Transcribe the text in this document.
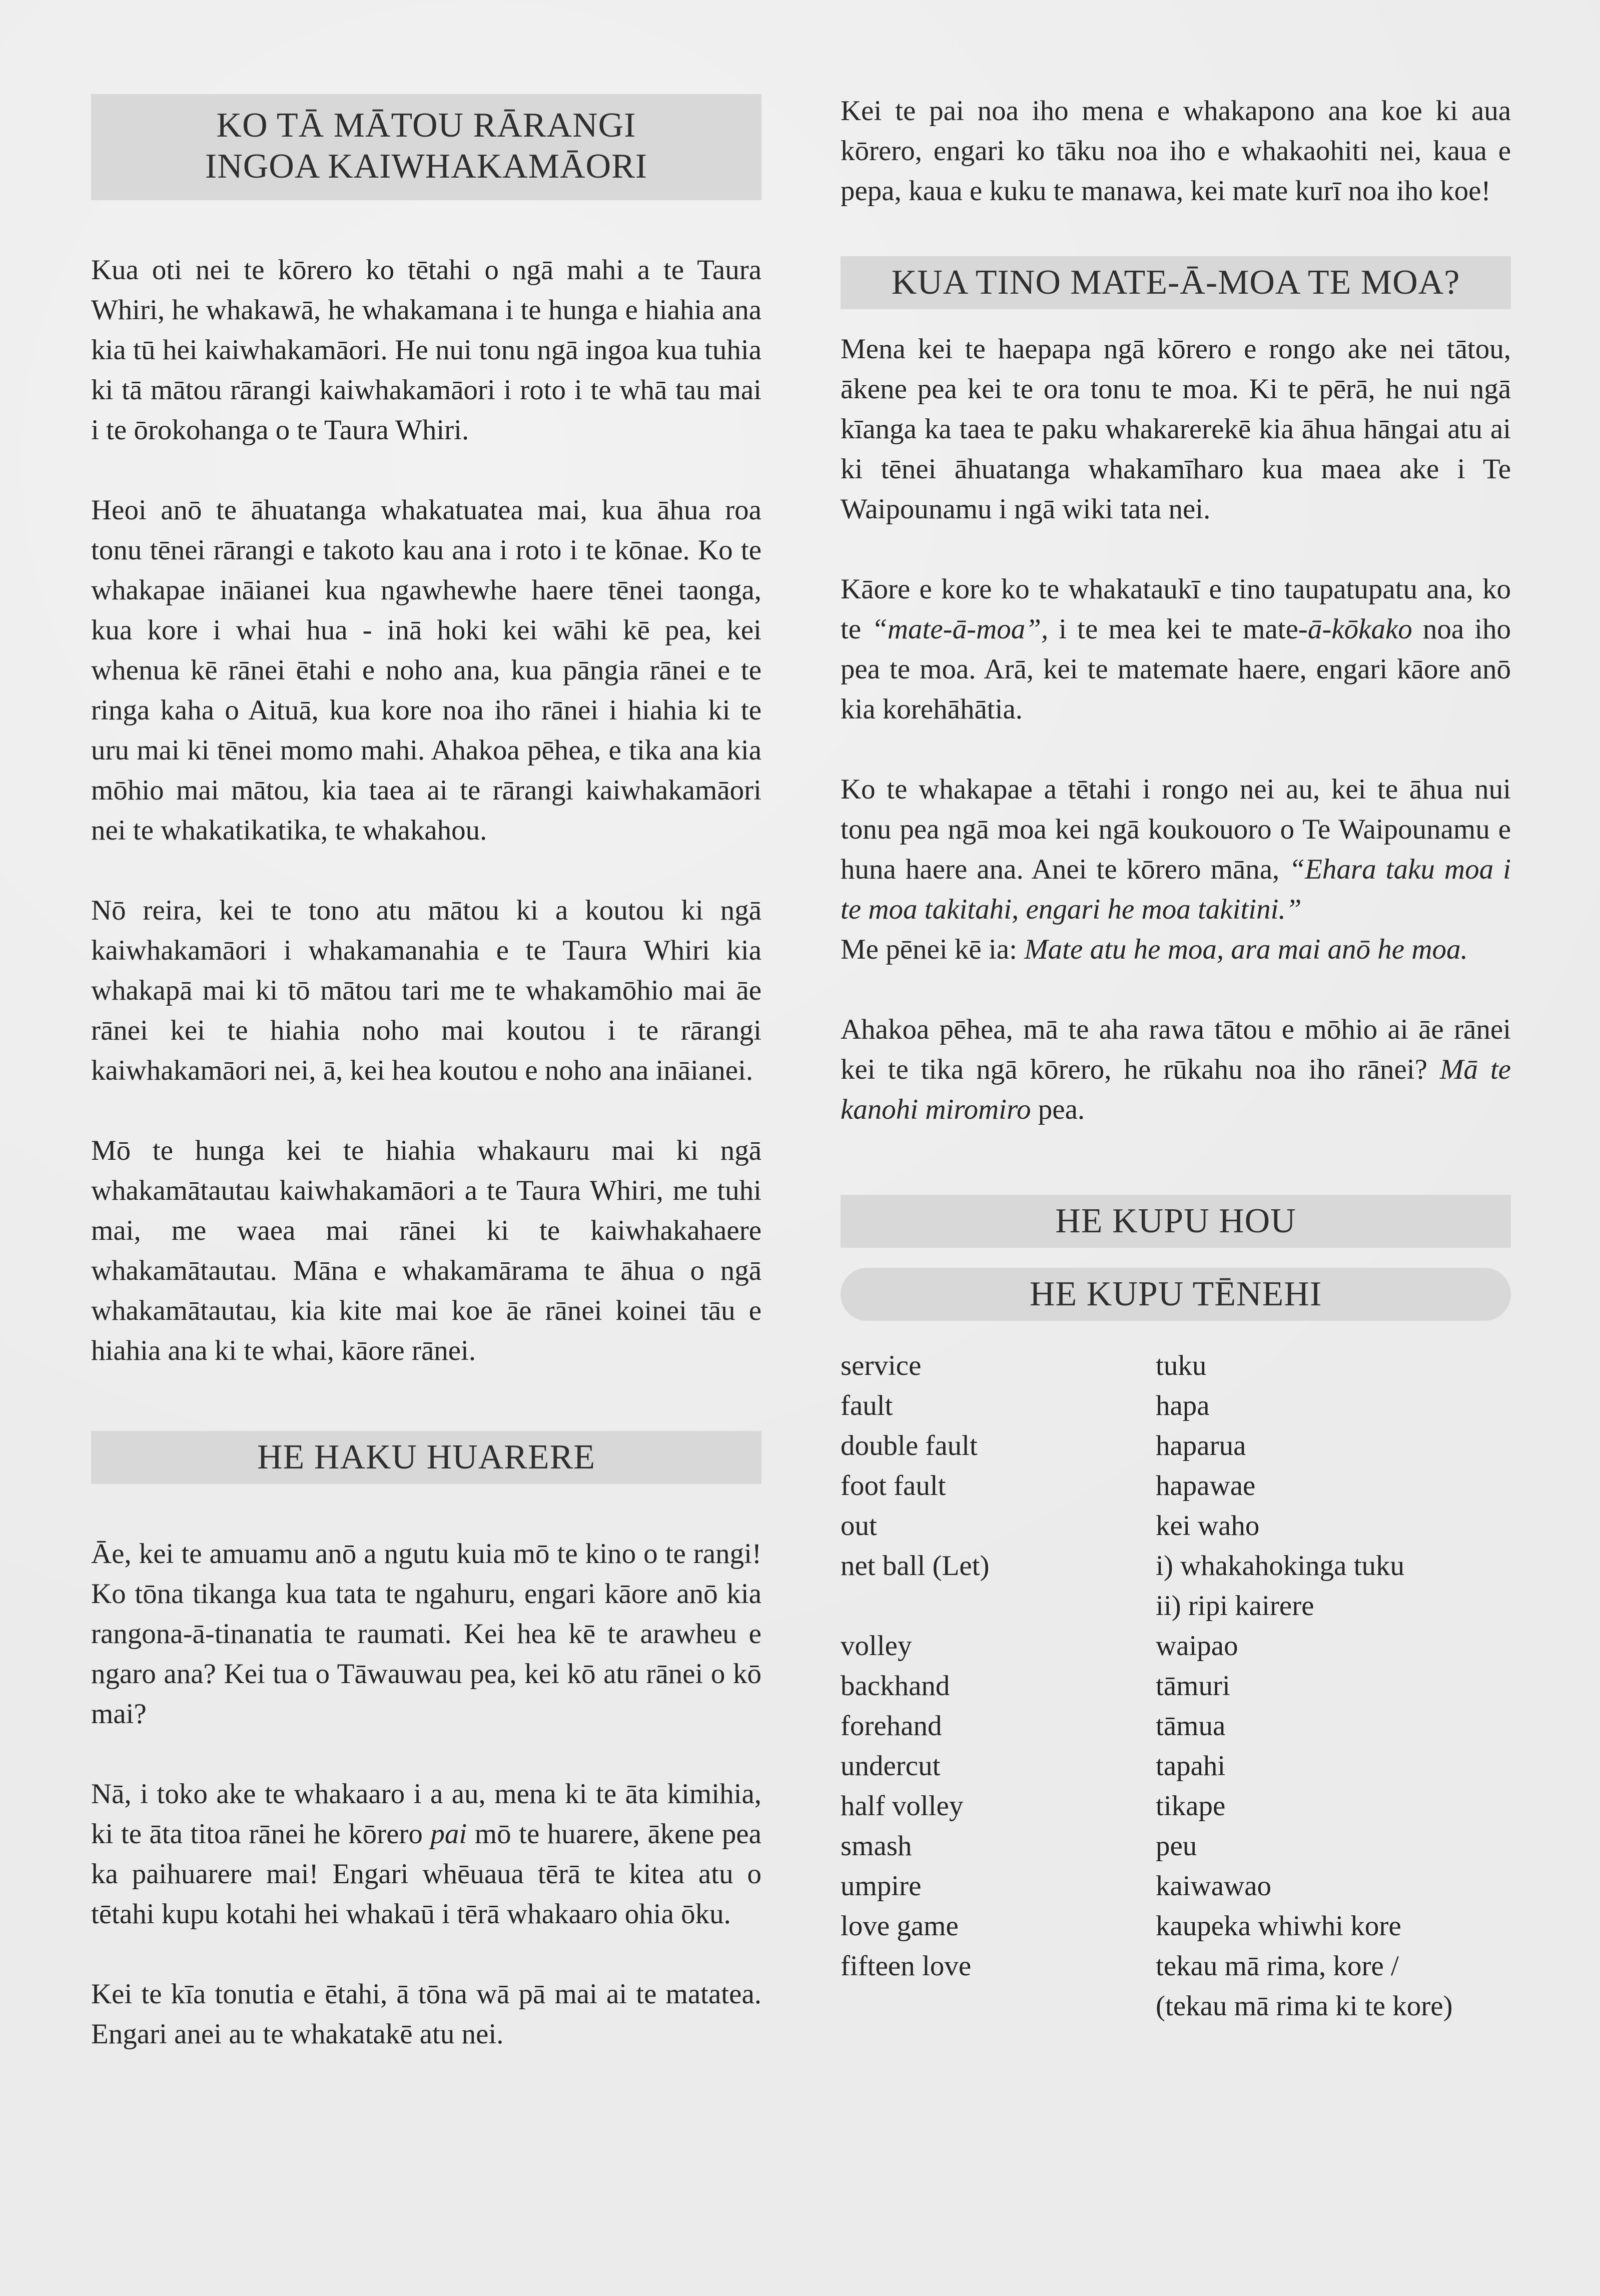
KO TĀ MĀTOU RĀRANGI
INGOA KAIWHAKAMĀORI

Kua oti nei te kōrero ko tētahi o ngā mahi a te Taura Whiri, he whakawā, he whakamana i te hunga e hiahia ana kia tū hei kaiwhakamāori. He nui tonu ngā ingoa kua tuhia ki tā mātou rārangi kaiwhakamāori i roto i te whā tau mai i te ōrokohanga o te Taura Whiri.

Heoi anō te āhuatanga whakatuatea mai, kua āhua roa tonu tēnei rārangi e takoto kau ana i roto i te kōnae. Ko te whakapae ināianei kua ngawhewhe haere tēnei taonga, kua kore i whai hua - inā hoki kei wāhi kē pea, kei whenua kē rānei ētahi e noho ana, kua pāngia rānei e te ringa kaha o Aituā, kua kore noa iho rānei i hiahia ki te uru mai ki tēnei momo mahi. Ahakoa pēhea, e tika ana kia mōhio mai mātou, kia taea ai te rārangi kaiwhakamāori nei te whakatikatika, te whakahou.

Nō reira, kei te tono atu mātou ki a koutou ki ngā kaiwhakamāori i whakamanahia e te Taura Whiri kia whakapā mai ki tō mātou tari me te whakamōhio mai āe rānei kei te hiahia noho mai koutou i te rārangi kaiwhakamāori nei, ā, kei hea koutou e noho ana ināianei.

Mō te hunga kei te hiahia whakauru mai ki ngā whakamātautau kaiwhakamāori a te Taura Whiri, me tuhi mai, me waea mai rānei ki te kaiwhakahaere whakamātautau. Māna e whakamārama te āhua o ngā whakamātautau, kia kite mai koe āe rānei koinei tāu e hiahia ana ki te whai, kāore rānei.

HE HAKU HUARERE

Āe, kei te amuamu anō a ngutu kuia mō te kino o te rangi! Ko tōna tikanga kua tata te ngahuru, engari kāore anō kia rangona-ā-tinanatia te raumati. Kei hea kē te arawheu e ngaro ana? Kei tua o Tāwauwau pea, kei kō atu rānei o kō mai?

Nā, i toko ake te whakaaro i a au, mena ki te āta kimihia, ki te āta titoa rānei he kōrero pai mō te huarere, ākene pea ka paihuarere mai! Engari whēuaua tērā te kitea atu o tētahi kupu kotahi hei whakaū i tērā whakaaro ohia ōku.

Kei te kīa tonutia e ētahi, ā tōna wā pā mai ai te matatea. Engari anei au te whakatakē atu nei.

Kei te pai noa iho mena e whakapono ana koe ki aua kōrero, engari ko tāku noa iho e whakaohiti nei, kaua e pepa, kaua e kuku te manawa, kei mate kurī noa iho koe!

KUA TINO MATE-Ā-MOA TE MOA?

Mena kei te haepapa ngā kōrero e rongo ake nei tātou, ākene pea kei te ora tonu te moa. Ki te pērā, he nui ngā kīanga ka taea te paku whakarerekē kia āhua hāngai atu ai ki tēnei āhuatanga whakamīharo kua maea ake i Te Waipounamu i ngā wiki tata nei.

Kāore e kore ko te whakataukī e tino taupatupatu ana, ko te “mate-ā-moa”, i te mea kei te mate-ā-kōkako noa iho pea te moa. Arā, kei te matemate haere, engari kāore anō kia korehāhātia.

Ko te whakapae a tētahi i rongo nei au, kei te āhua nui tonu pea ngā moa kei ngā koukouoro o Te Waipounamu e huna haere ana. Anei te kōrero māna, “Ehara taku moa i te moa takitahi, engari he moa takitini.”

Me pēnei kē ia: Mate atu he moa, ara mai anō he moa.

Ahakoa pēhea, mā te aha rawa tātou e mōhio ai āe rānei kei te tika ngā kōrero, he rūkahu noa iho rānei? Mā te kanohi miromiro pea.

HE KUPU HOU
HE KUPU TĒNEHI
service	tuku
fault	hapa
double fault	haparua
foot fault	hapawae
out	kei waho
net ball (Let)	i) whakahokinga tuku
ii) ripi kairere
volley	waipao
backhand	tāmuri
forehand	tāmua
undercut	tapahi
half volley	tikape
smash	peu
umpire	kaiwawao
love game	kaupeka whiwhi kore
fifteen love	tekau mā rima, kore /
(tekau mā rima ki te kore)
